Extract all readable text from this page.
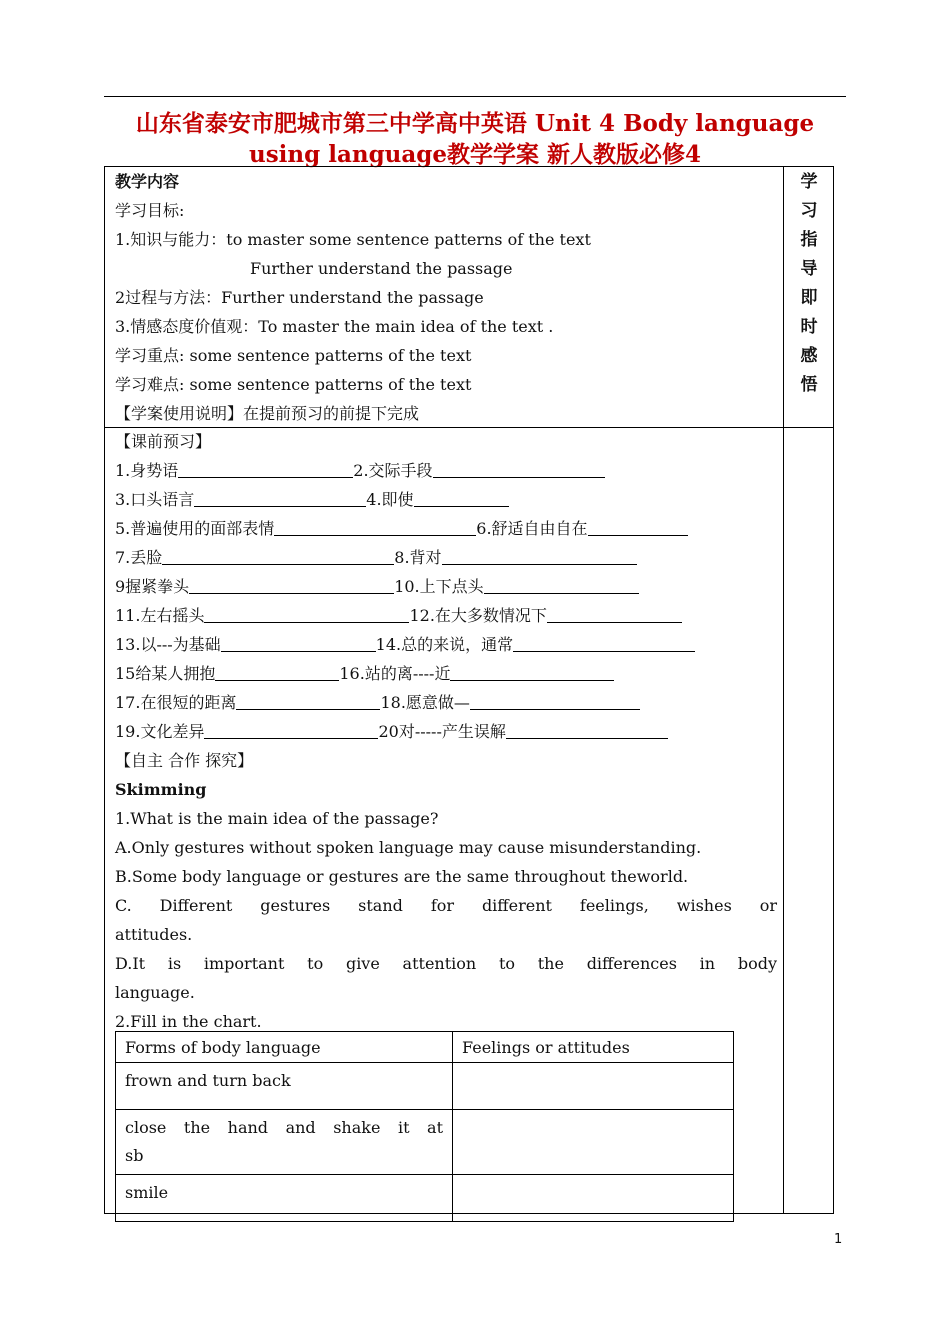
山东省泰安市肥城市第三中学高中英语 Unit 4 Body language
using language教学学案 新人教版必修4
学
习
指
导
即
时
感
悟
教学内容
学习目标:
1.知识与能力：to master some sentence patterns of the text
Further understand the passage
2过程与方法：Further understand the passage
3.情感态度价值观：To master the main idea of the text .
学习重点: some sentence patterns of the text
学习难点: some sentence patterns of the text
【学案使用说明】在提前预习的前提下完成
【课前预习】
1.身势语	2.交际手段
3.口头语言	4.即使
5.普遍使用的面部表情	6.舒适自由自在
7.丢脸	8.背对
9握紧拳头	10.上下点头
11.左右摇头	12.在大多数情况下
13.以---为基础	14.总的来说，通常
15给某人拥抱	16.站的离----近
17.在很短的距离	18.愿意做—
19.文化差异	20对-----产生误解
【自主 合作 探究】
Skimming
1.What is the main idea of the passage?
A.Only gestures without spoken language may cause misunderstanding.
B.Some body language or gestures are the same throughout theworld.
C. Different gestures stand for different feelings, wishes or
attitudes.
D.It is important to give attention to the differences in body
language.
2.Fill in the chart.
Forms of body language	Feelings or attitudes
frown and turn back	

close the hand and shake it at
sb	

smile	
1
